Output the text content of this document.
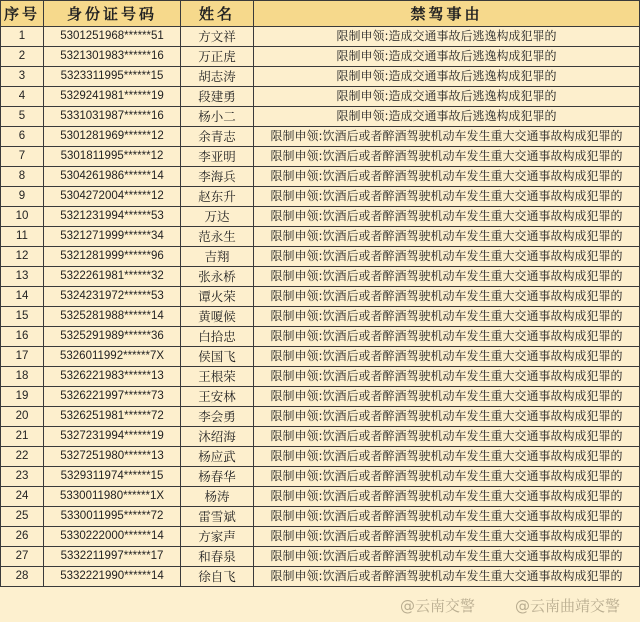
序号	身份证号码	姓名	禁驾事由
1	5301251968******51	方文祥	限制申领:造成交通事故后逃逸构成犯罪的
2	5321301983******16	万正虎	限制申领:造成交通事故后逃逸构成犯罪的
3	5323311995******15	胡志涛	限制申领:造成交通事故后逃逸构成犯罪的
4	5329241981******19	段建勇	限制申领:造成交通事故后逃逸构成犯罪的
5	5331031987******16	杨小二	限制申领:造成交通事故后逃逸构成犯罪的
6	5301281969******12	余青志	限制申领:饮酒后或者醉酒驾驶机动车发生重大交通事故构成犯罪的
7	5301811995******12	李亚明	限制申领:饮酒后或者醉酒驾驶机动车发生重大交通事故构成犯罪的
8	5304261986******14	李海兵	限制申领:饮酒后或者醉酒驾驶机动车发生重大交通事故构成犯罪的
9	5304272004******12	赵东升	限制申领:饮酒后或者醉酒驾驶机动车发生重大交通事故构成犯罪的
10	5321231994******53	万达	限制申领:饮酒后或者醉酒驾驶机动车发生重大交通事故构成犯罪的
11	5321271999******34	范永生	限制申领:饮酒后或者醉酒驾驶机动车发生重大交通事故构成犯罪的
12	5321281999******96	吉翔	限制申领:饮酒后或者醉酒驾驶机动车发生重大交通事故构成犯罪的
13	5322261981******32	张永桥	限制申领:饮酒后或者醉酒驾驶机动车发生重大交通事故构成犯罪的
14	5324231972******53	谭火荣	限制申领:饮酒后或者醉酒驾驶机动车发生重大交通事故构成犯罪的
15	5325281988******14	黄嗄候	限制申领:饮酒后或者醉酒驾驶机动车发生重大交通事故构成犯罪的
16	5325291989******36	白拾忠	限制申领:饮酒后或者醉酒驾驶机动车发生重大交通事故构成犯罪的
17	5326011992******7X	侯国飞	限制申领:饮酒后或者醉酒驾驶机动车发生重大交通事故构成犯罪的
18	5326221983******13	王根荣	限制申领:饮酒后或者醉酒驾驶机动车发生重大交通事故构成犯罪的
19	5326221997******73	王安林	限制申领:饮酒后或者醉酒驾驶机动车发生重大交通事故构成犯罪的
20	5326251981******72	李会勇	限制申领:饮酒后或者醉酒驾驶机动车发生重大交通事故构成犯罪的
21	5327231994******19	沐绍海	限制申领:饮酒后或者醉酒驾驶机动车发生重大交通事故构成犯罪的
22	5327251980******13	杨应武	限制申领:饮酒后或者醉酒驾驶机动车发生重大交通事故构成犯罪的
23	5329311974******15	杨春华	限制申领:饮酒后或者醉酒驾驶机动车发生重大交通事故构成犯罪的
24	5330011980******1X	杨涛	限制申领:饮酒后或者醉酒驾驶机动车发生重大交通事故构成犯罪的
25	5330011995******72	雷雪斌	限制申领:饮酒后或者醉酒驾驶机动车发生重大交通事故构成犯罪的
26	5330222000******14	方家声	限制申领:饮酒后或者醉酒驾驶机动车发生重大交通事故构成犯罪的
27	5332211997******17	和春泉	限制申领:饮酒后或者醉酒驾驶机动车发生重大交通事故构成犯罪的
28	5332221990******14	徐自飞	限制申领:饮酒后或者醉酒驾驶机动车发生重大交通事故构成犯罪的
@云南交警	@云南曲靖交警
